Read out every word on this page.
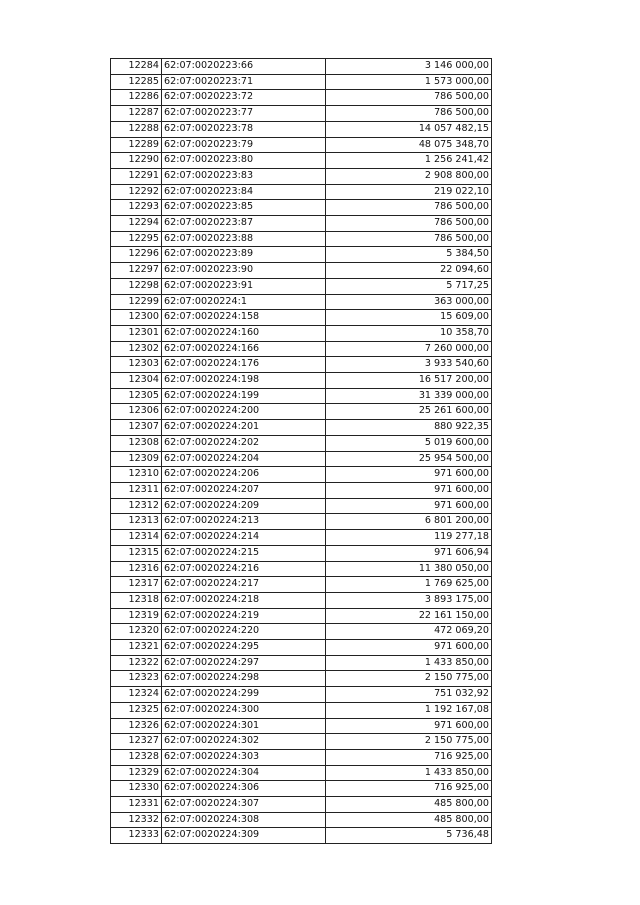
12284	62:07:0020223:66	3 146 000,00
12285	62:07:0020223:71	1 573 000,00
12286	62:07:0020223:72	786 500,00
12287	62:07:0020223:77	786 500,00
12288	62:07:0020223:78	14 057 482,15
12289	62:07:0020223:79	48 075 348,70
12290	62:07:0020223:80	1 256 241,42
12291	62:07:0020223:83	2 908 800,00
12292	62:07:0020223:84	219 022,10
12293	62:07:0020223:85	786 500,00
12294	62:07:0020223:87	786 500,00
12295	62:07:0020223:88	786 500,00
12296	62:07:0020223:89	5 384,50
12297	62:07:0020223:90	22 094,60
12298	62:07:0020223:91	5 717,25
12299	62:07:0020224:1	363 000,00
12300	62:07:0020224:158	15 609,00
12301	62:07:0020224:160	10 358,70
12302	62:07:0020224:166	7 260 000,00
12303	62:07:0020224:176	3 933 540,60
12304	62:07:0020224:198	16 517 200,00
12305	62:07:0020224:199	31 339 000,00
12306	62:07:0020224:200	25 261 600,00
12307	62:07:0020224:201	880 922,35
12308	62:07:0020224:202	5 019 600,00
12309	62:07:0020224:204	25 954 500,00
12310	62:07:0020224:206	971 600,00
12311	62:07:0020224:207	971 600,00
12312	62:07:0020224:209	971 600,00
12313	62:07:0020224:213	6 801 200,00
12314	62:07:0020224:214	119 277,18
12315	62:07:0020224:215	971 606,94
12316	62:07:0020224:216	11 380 050,00
12317	62:07:0020224:217	1 769 625,00
12318	62:07:0020224:218	3 893 175,00
12319	62:07:0020224:219	22 161 150,00
12320	62:07:0020224:220	472 069,20
12321	62:07:0020224:295	971 600,00
12322	62:07:0020224:297	1 433 850,00
12323	62:07:0020224:298	2 150 775,00
12324	62:07:0020224:299	751 032,92
12325	62:07:0020224:300	1 192 167,08
12326	62:07:0020224:301	971 600,00
12327	62:07:0020224:302	2 150 775,00
12328	62:07:0020224:303	716 925,00
12329	62:07:0020224:304	1 433 850,00
12330	62:07:0020224:306	716 925,00
12331	62:07:0020224:307	485 800,00
12332	62:07:0020224:308	485 800,00
12333	62:07:0020224:309	5 736,48
